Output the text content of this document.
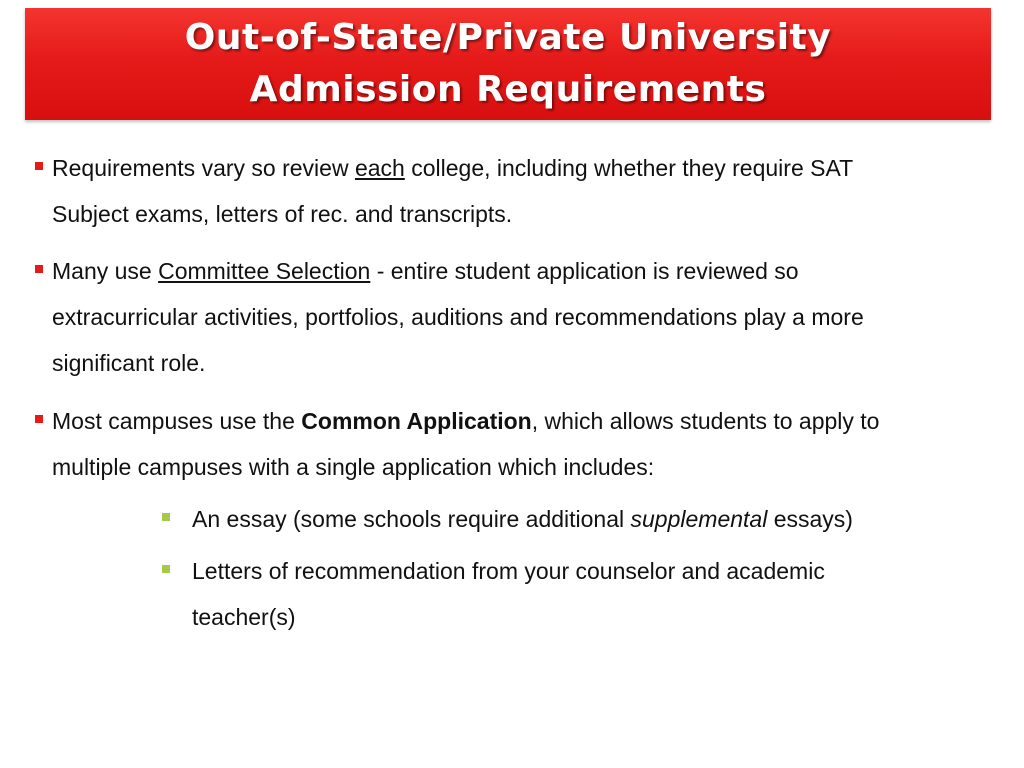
Out-of-State/Private University
Admission Requirements
Requirements vary so review each college, including whether they require SAT
Subject exams, letters of rec. and transcripts.
Many use Committee Selection - entire student application is reviewed so
extracurricular activities, portfolios, auditions and recommendations play a more
significant role.
Most campuses use the Common Application, which allows students to apply to
multiple campuses with a single application which includes:
An essay (some schools require additional supplemental essays)
Letters of recommendation from your counselor and academic
teacher(s)
